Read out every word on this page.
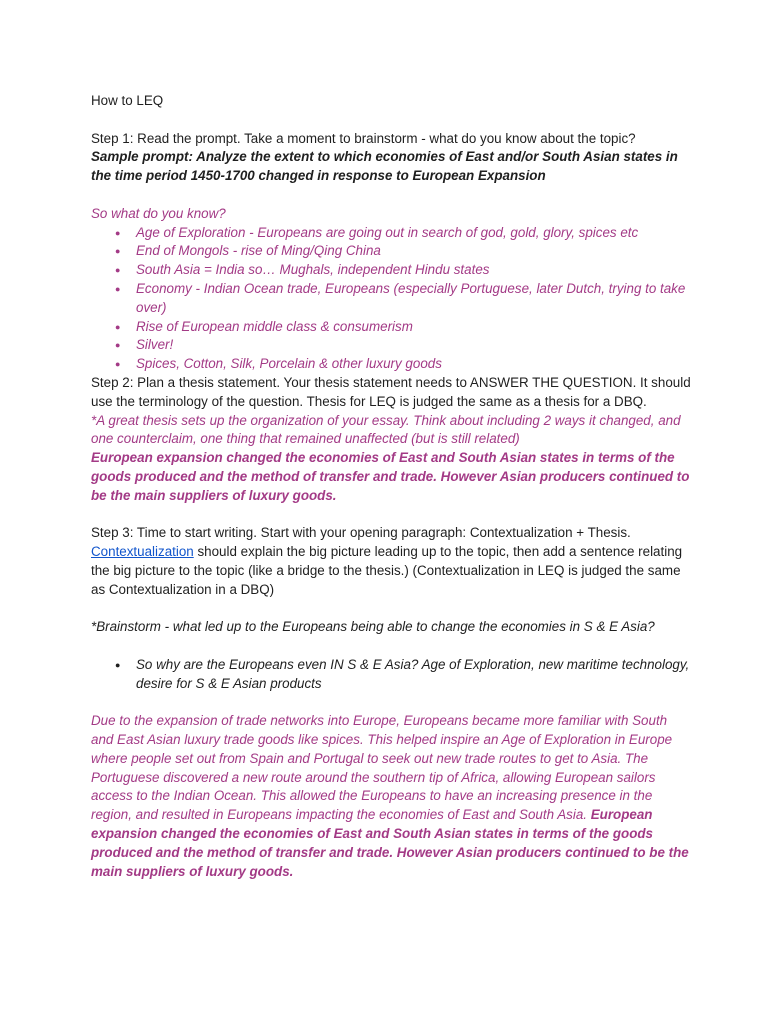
How to LEQ

Step 1: Read the prompt. Take a moment to brainstorm - what do you know about the topic?

Sample prompt: Analyze the extent to which economies of East and/or South Asian states in the time period 1450-1700 changed in response to European Expansion

So what do you know?

● Age of Exploration - Europeans are going out in search of god, gold, glory, spices etc
● End of Mongols - rise of Ming/Qing China
● South Asia = India so… Mughals, independent Hindu states
● Economy - Indian Ocean trade, Europeans (especially Portuguese, later Dutch, trying to take over)
● Rise of European middle class & consumerism
● Silver!
● Spices, Cotton, Silk, Porcelain & other luxury goods

Step 2: Plan a thesis statement. Your thesis statement needs to ANSWER THE QUESTION. It should use the terminology of the question. Thesis for LEQ is judged the same as a thesis for a DBQ.

*A great thesis sets up the organization of your essay. Think about including 2 ways it changed, and one counterclaim, one thing that remained unaffected (but is still related)

European expansion changed the economies of East and South Asian states in terms of the goods produced and the method of transfer and trade. However Asian producers continued to be the main suppliers of luxury goods.

Step 3: Time to start writing. Start with your opening paragraph: Contextualization + Thesis.

Contextualization should explain the big picture leading up to the topic, then add a sentence relating the big picture to the topic (like a bridge to the thesis.) (Contextualization in LEQ is judged the same as Contextualization in a DBQ)

*Brainstorm - what led up to the Europeans being able to change the economies in S & E Asia?

● So why are the Europeans even IN S & E Asia? Age of Exploration, new maritime technology, desire for S & E Asian products

Due to the expansion of trade networks into Europe, Europeans became more familiar with South and East Asian luxury trade goods like spices. This helped inspire an Age of Exploration in Europe where people set out from Spain and Portugal to seek out new trade routes to get to Asia. The Portuguese discovered a new route around the southern tip of Africa, allowing European sailors access to the Indian Ocean. This allowed the Europeans to have an increasing presence in the region, and resulted in Europeans impacting the economies of East and South Asia. European expansion changed the economies of East and South Asian states in terms of the goods produced and the method of transfer and trade. However Asian producers continued to be the main suppliers of luxury goods.
